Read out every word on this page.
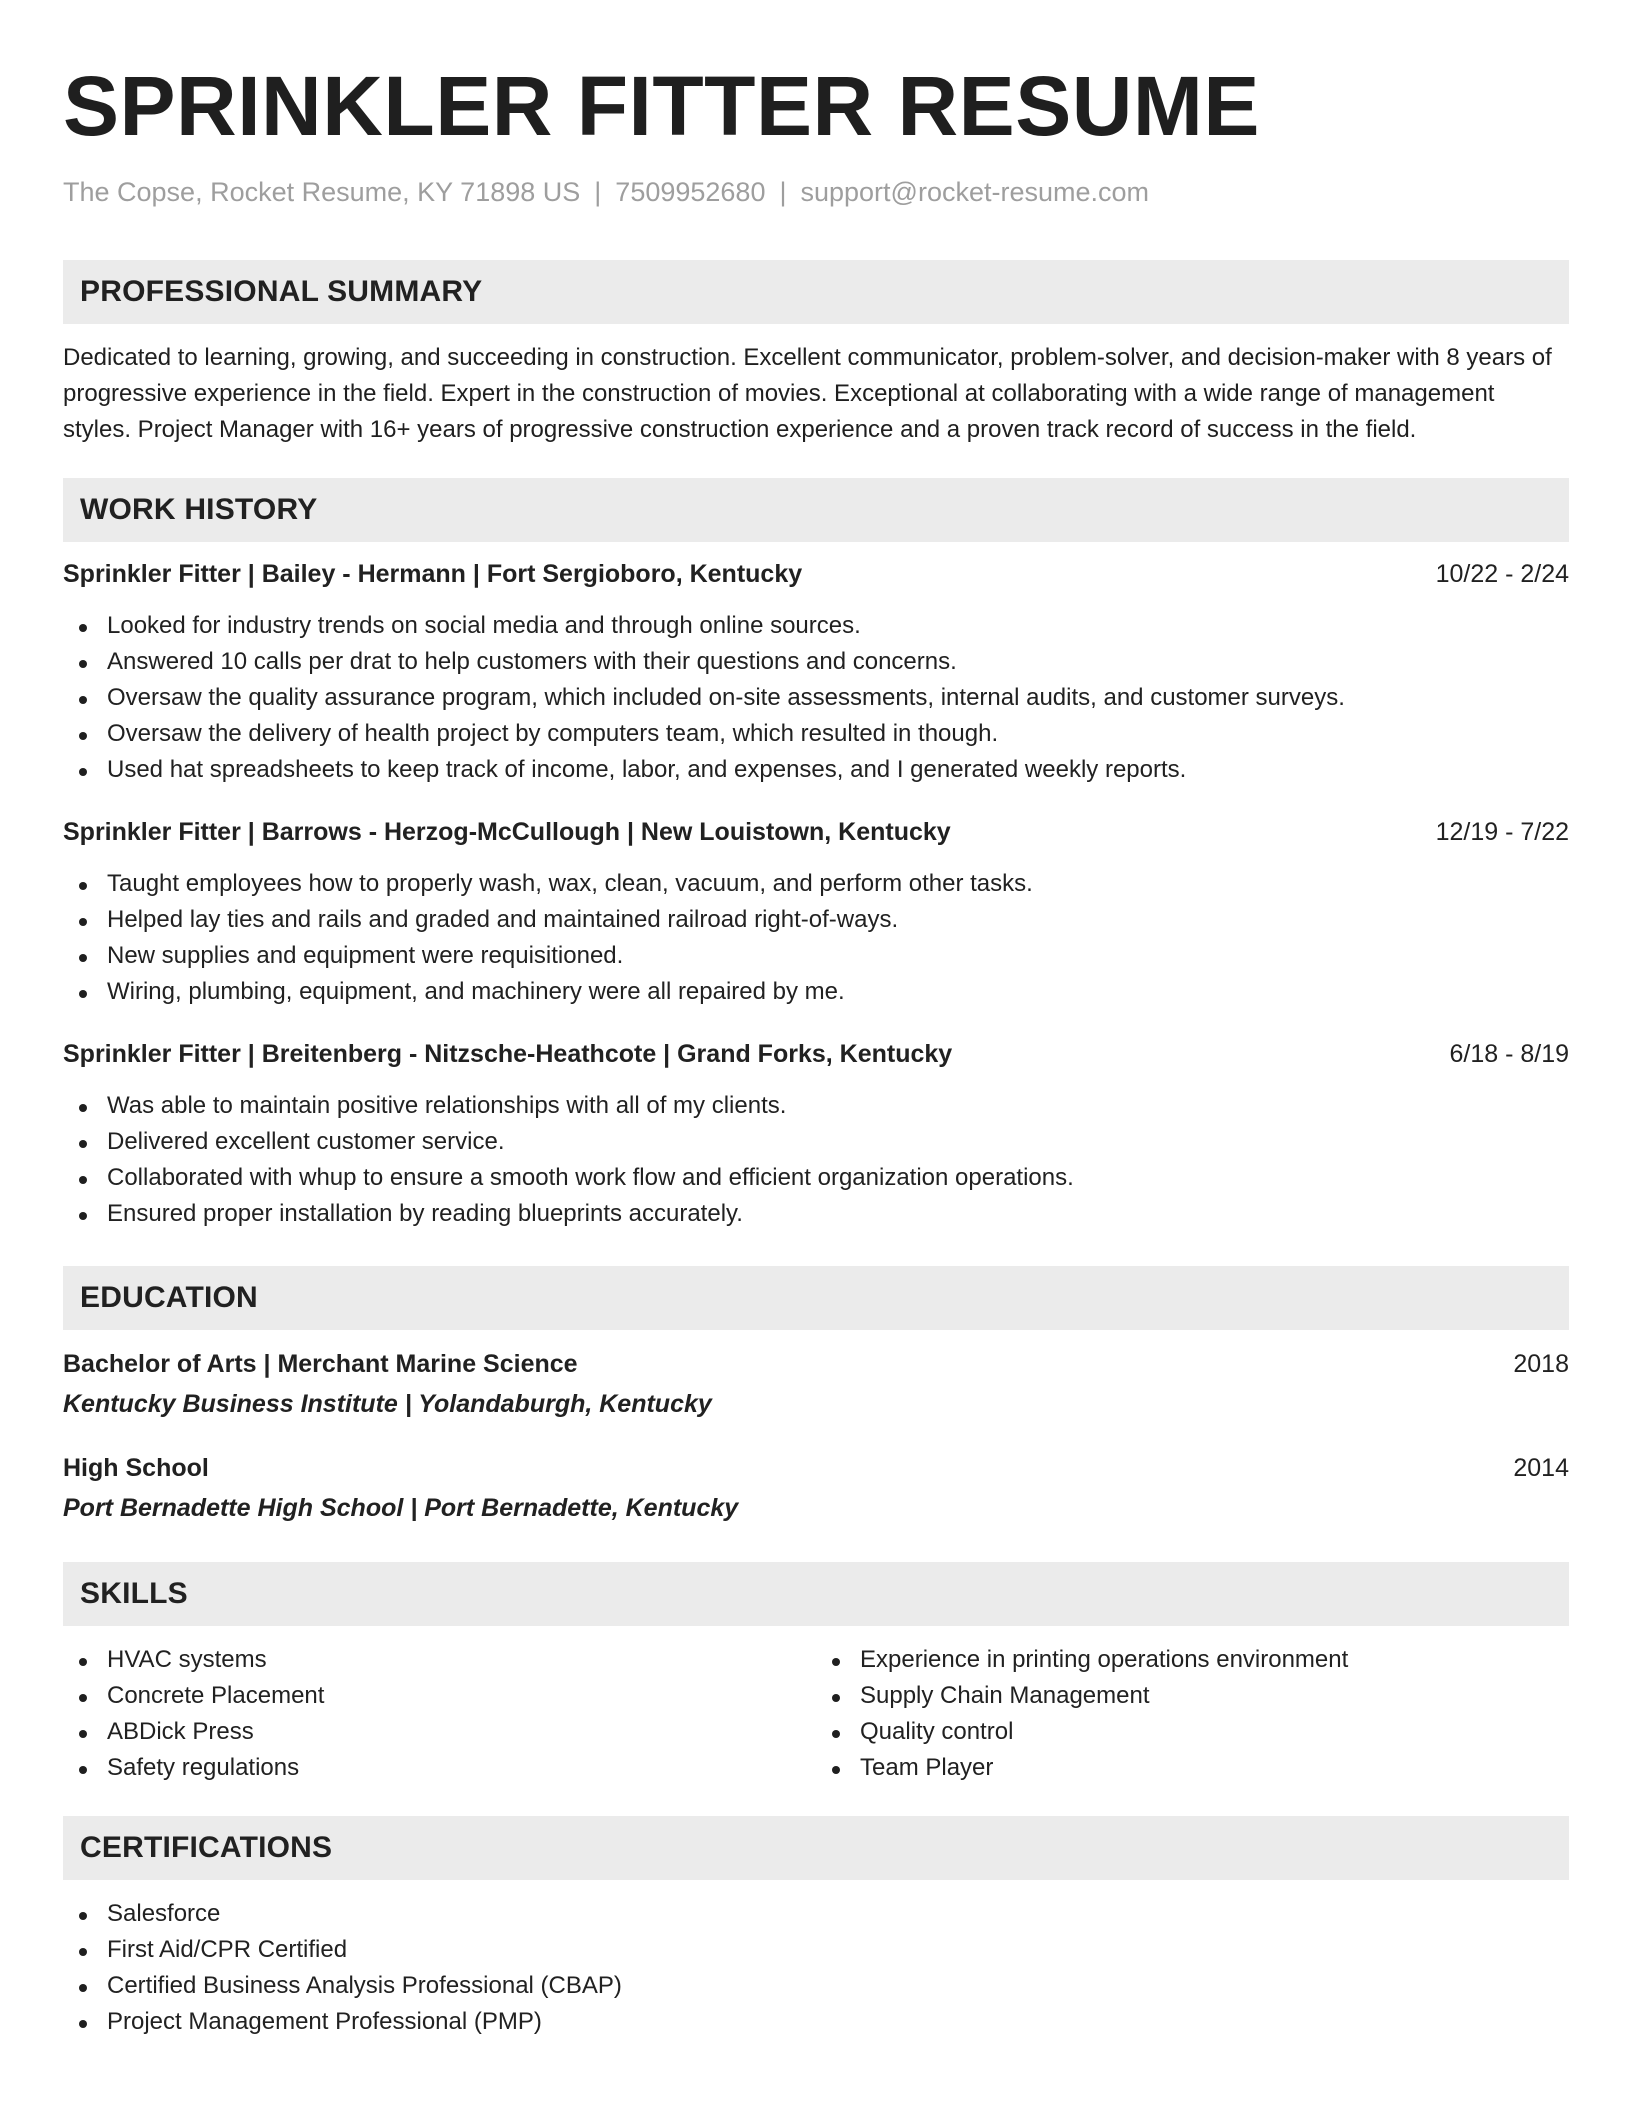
SPRINKLER FITTER RESUME
The Copse, Rocket Resume, KY 71898 US | 7509952680 | support@rocket-resume.com
PROFESSIONAL SUMMARY

Dedicated to learning, growing, and succeeding in construction. Excellent communicator, problem-solver, and decision-maker with 8 years of progressive experience in the field. Expert in the construction of movies. Exceptional at collaborating with a wide range of management styles. Project Manager with 16+ years of progressive construction experience and a proven track record of success in the field.

WORK HISTORY
Sprinkler Fitter | Bailey - Hermann | Fort Sergioboro, Kentucky	10/22 - 2/24
Looked for industry trends on social media and through online sources.
Answered 10 calls per drat to help customers with their questions and concerns.
Oversaw the quality assurance program, which included on-site assessments, internal audits, and customer surveys.
Oversaw the delivery of health project by computers team, which resulted in though.
Used hat spreadsheets to keep track of income, labor, and expenses, and I generated weekly reports.
Sprinkler Fitter | Barrows - Herzog-McCullough | New Louistown, Kentucky	12/19 - 7/22
Taught employees how to properly wash, wax, clean, vacuum, and perform other tasks.
Helped lay ties and rails and graded and maintained railroad right-of-ways.
New supplies and equipment were requisitioned.
Wiring, plumbing, equipment, and machinery were all repaired by me.
Sprinkler Fitter | Breitenberg - Nitzsche-Heathcote | Grand Forks, Kentucky	6/18 - 8/19
Was able to maintain positive relationships with all of my clients.
Delivered excellent customer service.
Collaborated with whup to ensure a smooth work flow and efficient organization operations.
Ensured proper installation by reading blueprints accurately.
EDUCATION
Bachelor of Arts | Merchant Marine Science	2018
Kentucky Business Institute | Yolandaburgh, Kentucky
High School	2014
Port Bernadette High School | Port Bernadette, Kentucky
SKILLS
HVAC systems
Concrete Placement
ABDick Press
Safety regulations
Experience in printing operations environment
Supply Chain Management
Quality control
Team Player
CERTIFICATIONS
Salesforce
First Aid/CPR Certified
Certified Business Analysis Professional (CBAP)
Project Management Professional (PMP)
